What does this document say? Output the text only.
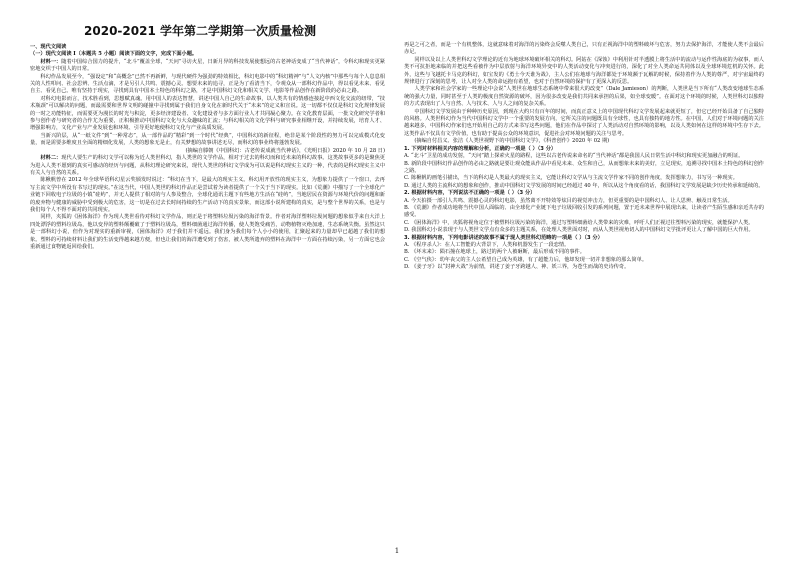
2020-2021 学年第二学期第一次质量检测

一、现代文阅读

（一）现代文阅读 I（本题共 5 小题）阅读下面的文字，完成下面小题。

材料一：随着中国综合国力的提升，“北斗”覆盖全球，“天问”寻访火星，日新月异的科技发展使想远的古老神话变成了“当代神话”，令科幻和现实更紧密地交织于中国人的日常。

科幻作品发展至今，“强设定”和“高概念”已然不再新鲜，与现代硬件为强劲的特效相比，科幻电影中的“科幻精神”与“人文内核”中那些与每个人息息相关的人性叩问、社会思辨、生活点滴，才是另引人共鸣、震撼心灵。想要未来的追寻，正是为了看清当下，令观众从一部科幻作品中，得以看见未来、看见自主、看见自己。唯有坚持于现实，寻找到具有中国本土特色的科幻之路，才是中国科幻文化和相关文学、电影等作品创作在新阶段的必由之路。

对科幻电影而言，技术胜看到，思想赋真魂。用中国人的表达智慧，讲述中国人自己的生命故事，以人类共有的情感连接起中西文化交流的纽带，“技术瓶颈”可以解决的问题，而最需要和世界文明的碰撞中寻找到属于我们自身文化在新时代关于“未来”的定义和宣说。这一切都不仅仅是科幻文化规律发展的一时之功能特征，而需要更为漫长的时光与积淀，更多经济建设者、文化建设者与多方面行业人才共同凝心聚力。在文化教育层面，一批文化研究学者和参与创作者与研究者的合作尤为重要，正积极推动中国科幻文化与大众趣味的汇流；与科幻相关的文化学科与研究事业相继开设，并持续发展，培育人才、增强影响力，文化产业与产业发展也和环境、引导更好地使科幻文化与产业高质发展。

当新兴阶层，从“一纸文件”到“一种常态”，从一部作品的“精彩”到一个时代“经典”，中国科幻的新征程，绝非是某个阶段性的努力可以完成模式化变量，而是需要多维度且全面的精细化发展，人类的想象无是止，有关梦想的故事讲述无尽，而科幻的事业终将蓬勃发展。

(摘编自滕朝《中国科幻：古老传说成就当代神话》，《光明日报》2020 年 10 月 28 日)

材料二：现代人要生产的科幻文学可以称为近人类世科幻，指人类世的文学作品，相对于过去的科幻而和近未来的科幻故事。这类故事更多的是聚焦更为进入人类不愿到的真实可感动的经历与问题，从科幻理论研究来说，现代人类世的科幻文学成为可以说是科幻现实主义的一种，代表的是科幻现实主义中有关人与自然的关系。

陈楸帆曾在 2012 年全球华语科幻星云奖颁发时说过：“科幻在当下，是最大的现实主义。科幻用开放性的现实主义，为想象力提供了一个窗口，去再写主流文学中所没有书写过的现实。”在这当代，中国人类世的科幻作品正是尝试着为读者提供了一个关于当下的现实。比如《荒潮》中描写了一个全球化产业链下回收电子垃圾的小镇“硅屿”，并无人提供了相对的与人参及整合，全球化通讯主题下有些地方生活在“硅屿”，当地居民在资源与环境代价的问题和新的废弃物与健康的威胁中受到极大的危害，这一切是在过去长时间持续的生产活动下的真实景象，而这部小说所建构的真实，是与整个世界的关系，也是与我们每个人不得不面对的共同现实。

同样，夹狐的《困体海洋》作为现人类世看待对科幻文学作品，则正是于将塑料垃圾污染的海洋背景。作者对海洋塑料垃圾问题的想象似乎来自大洋上四处漂浮的塑料垃圾岛，他以变异的塑料颠覆破了于塑料垃圾岛，塑料细菌通过海洋传播，使人类饱受痛苦，动物植物灭绝加速，生态系统失衡。虽然这只是一部科幻小说，但作为对现实的重新审视，《困体海洋》对于我们并不遥远。我们身为我们每个人小小的使用，汇聚起来的力量却早已超越了我们的想象。塑料的可持续材料让我们的生活变得越来越方便，但也让我们的海洋遭受到了伤害，被人类所遗弃的塑料在海洋中一方面在持续污染，另一方面它也会重新通过食物链返回给我们。

再是之可之者，而是一个有机整体，这就意味着对海洋的污染终会反噬人类自己，只有正视海洋中的塑料破坏与危害，努力去保护海洋，才能使人类不会最后赤足。

同样以及以上人类世科幻文学理论的近有为地球环境破坏相关的科幻。阿姑在《深蚀》中利用针对半透膜上将生活中的流动与运作性海底的为叙事，而人类不可抗拒地来临的并把这些看被作为中层放射与海洋环境异变中的人类活动变化与冲突进行的，深化了对全人类命运共同体以及全球环境危机的关怀。此外，这些与飞越托卡马克的科幻，如宝发的《勇士今天谁为战》，主人公们在地球与海洋都处于环境濒于瓦解的时候，保持着作为人类的尊严，对宇宙最终的规律进行了深刻的思考，让人对全人类的命运抱有希望，也对于自然环境的保护有了更深入的反思。

人类学家和社会学家的一些理论中会说“人类世在地球生态系统中带来很大的改变”（Dale Jamieson）的判断，人类世是当下所有“人类改变地球生态系统的强大力量，同时甚至于人类的极度自然资源的破坏，因为很多改变是我们共同来承担的后果，如全球变暖”。在面对这个环境的时候，人类世科幻以独特的方式表现出了人与自然、人与技术、人与人之间的复杂关系。

中国科幻文学发展由于种种历史原因，到现在大约只有百年的时间，而真正意义上的中国现代科幻文学发展起来就更短了，但它已经开始具备了自己独特的风格。人类世科幻作为当代中国科幻文学中一个重要的发展方向，它所关注的问题既具有全球性，也具有独特的地方性。在中国，人们对于环境问题的关注越来越多，中国科幻作家们也开始用自己的方式来书写这些问题，他们在作品中探讨了人类活动对自然环境的影响，以及人类如何在这样的环境中生存下去。这类作品不仅具有文学价值，也有助于提高公众的环境意识，促进社会对环境问题的关注与思考。

(摘编自付昌义、张洁《人类世视野下的中国科幻文学》，《科普创作》2020 年 02 期)

1. 下列对材料相关内容的理解和分析，正确的一项是（ ）（3 分）

A. “北斗”卫星的成功发射，“天问”踏上探索火星的路程，这些以古老传说来命名的“当代神话”都是我国人民日常生活中科幻和现实更加融合的明证。

B. 新阶段中国科幻作品创作的必由之路就是要让观众能从作品中看见未来、众生和自己，从而想象未来的美好，立足现实，追溯寻找中国本土特色的科幻创作之路。

C. 陈楸帆的画笔引描出，当下的科幻是人类最大的现实主义，它能让科幻文学从与主流文学作家不同的创作角度，发挥想象力，书写另一种现实。

D. 通过人类的主流科幻的想象和创作，推动中国科幻文学发展的时间已经超过 40 年，所以从这个角度看的话，我国科幻文学发展是缺少历史传承和延续的。

2. 根据材料内容，下列说法不正确的一项是（ ）（3 分）

A. 今天拍摄一部引人共鸣、震撼心灵的科幻电影，虽然离不开特效等炫目的视觉冲击力，但更重要的是中国科幻人、让人思辨、触及日常生活。

B. 《荒潮》作者成功地将当代中国人面临的、由全球化产业链下电子垃圾回收引发的系列问题，置于近未来世界中展现出来，让读者产生陌生感和亲近共存的感受。

C. 《困体海洋》中，夹狐将视角定位于被塑料垃圾污染的海洋，通过写塑料细菌给人类带来的灾难，呼吁人们正视过往塑料污染的现实，就能保护人类。

D. 我国科幻小说表现于与人类世文学点有众多的主题关系，在处理人类世面对时，而从人类世视角切入的中国科幻文学批评更让人了解中国的巨大作用。

3. 根据材料内容，下列电影讲述的故事不属于现人类世科幻范畴的一项是（ ）（3 分）

A. 《程序杀人》：在人工智能的大背景下，人类和机器发生了一段恋情。

B. 《坏末来》：陨石撞在地球上，路过的两个人被砸断，最后形成不同的事件。

C. 《空气侠》：幼年丧父的主人公希望自己成为英雄，有了超能力后，他却发现一切并非想象的那么简单。

D. 《姜子牙》以“封神大战”为前情，讲述了姜子牙跨越人、神、妖三界，为苍生而战的史诗传奇。

1
